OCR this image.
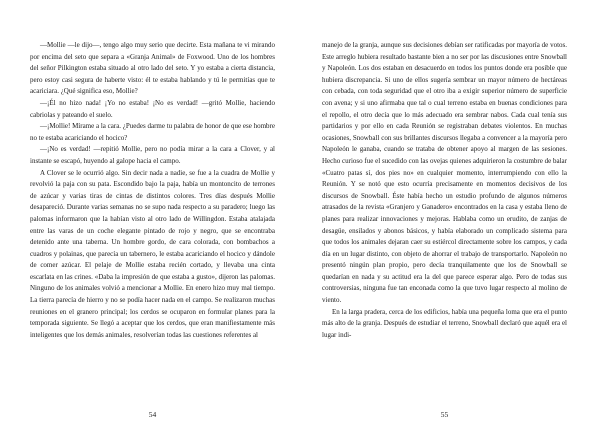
—Mollie —le dijo—, tengo algo muy serio que decirte. Esta mañana te vi mirando por encima del seto que separa a «Granja Animal» de Foxwood. Uno de los hombres del señor Pilkington estaba situado al otro lado del seto. Y yo estaba a cierta distancia, pero estoy casi segura de haberte visto: él te estaba hablando y tú le permitías que te acariciara. ¿Qué significa eso, Mollie?

—¡Él no hizo nada! ¡Yo no estaba! ¡No es verdad! —gritó Mollie, haciendo cabriolas y pateando el suelo.

—¡Mollie! Mírame a la cara. ¿Puedes darme tu palabra de honor de que ese hombre no te estaba acariciando el hocico?

—¡No es verdad! —repitió Mollie, pero no podía mirar a la cara a Clover, y al instante se escapó, huyendo al galope hacia el campo.

A Clover se le ocurrió algo. Sin decir nada a nadie, se fue a la cuadra de Mollie y revolvió la paja con su pata. Escondido bajo la paja, había un montoncito de terrones de azúcar y varias tiras de cintas de distintos colores. Tres días después Mollie desapareció. Durante varias semanas no se supo nada respecto a su paradero; luego las palomas informaron que la habían visto al otro lado de Willingdon. Estaba atalajada entre las varas de un coche elegante pintado de rojo y negro, que se encontraba detenido ante una taberna. Un hombre gordo, de cara colorada, con bombachos a cuadros y polainas, que parecía un tabernero, le estaba acariciando el hocico y dándole de comer azúcar. El pelaje de Mollie estaba recién cortado, y llevaba una cinta escarlata en las crines. «Daba la impresión de que estaba a gusto», dijeron las palomas. Ninguno de los animales volvió a mencionar a Mollie. En enero hizo muy mal tiempo. La tierra parecía de hierro y no se podía hacer nada en el campo. Se realizaron muchas reuniones en el granero principal; los cerdos se ocuparon en formular planes para la temporada siguiente. Se llegó a aceptar que los cerdos, que eran manifiestamente más inteligentes que los demás animales, resolverían todas las cuestiones referentes al

54

manejo de la granja, aunque sus decisiones debían ser ratificadas por mayoría de votos. Este arreglo hubiera resultado bastante bien a no ser por las discusiones entre Snowball y Napoleón. Los dos estaban en desacuerdo en todos los puntos donde era posible que hubiera discrepancia. Si uno de ellos sugería sembrar un mayor número de hectáreas con cebada, con toda seguridad que el otro iba a exigir superior número de superficie con avena; y si uno afirmaba que tal o cual terreno estaba en buenas condiciones para el repollo, el otro decía que lo más adecuado era sembrar nabos. Cada cual tenía sus partidarios y por ello en cada Reunión se registraban debates violentos. En muchas ocasiones, Snowball con sus brillantes discursos llegaba a convencer a la mayoría pero Napoleón le ganaba, cuando se trataba de obtener apoyo al margen de las sesiones. Hecho curioso fue el sucedido con las ovejas quienes adquirieron la costumbre de balar «Cuatro patas sí, dos pies no» en cualquier momento, interrumpiendo con ello la Reunión. Y se notó que esto ocurría precisamente en momentos decisivos de los discursos de Snowball. Éste había hecho un estudio profundo de algunos números atrasados de la revista «Granjero y Ganadero» encontrados en la casa y estaba lleno de planes para realizar innovaciones y mejoras. Hablaba como un erudito, de zanjas de desagüe, ensilados y abonos básicos, y había elaborado un complicado sistema para que todos los animales dejaran caer su estiércol directamente sobre los campos, y cada día en un lugar distinto, con objeto de ahorrar el trabajo de transportarlo. Napoleón no presentó ningún plan propio, pero decía tranquilamente que los de Snowball se quedarían en nada y su actitud era la del que parece esperar algo. Pero de todas sus controversias, ninguna fue tan enconada como la que tuvo lugar respecto al molino de viento.

En la larga pradera, cerca de los edificios, había una pequeña loma que era el punto más alto de la granja. Después de estudiar el terreno, Snowball declaró que aquél era el lugar indi-

55
